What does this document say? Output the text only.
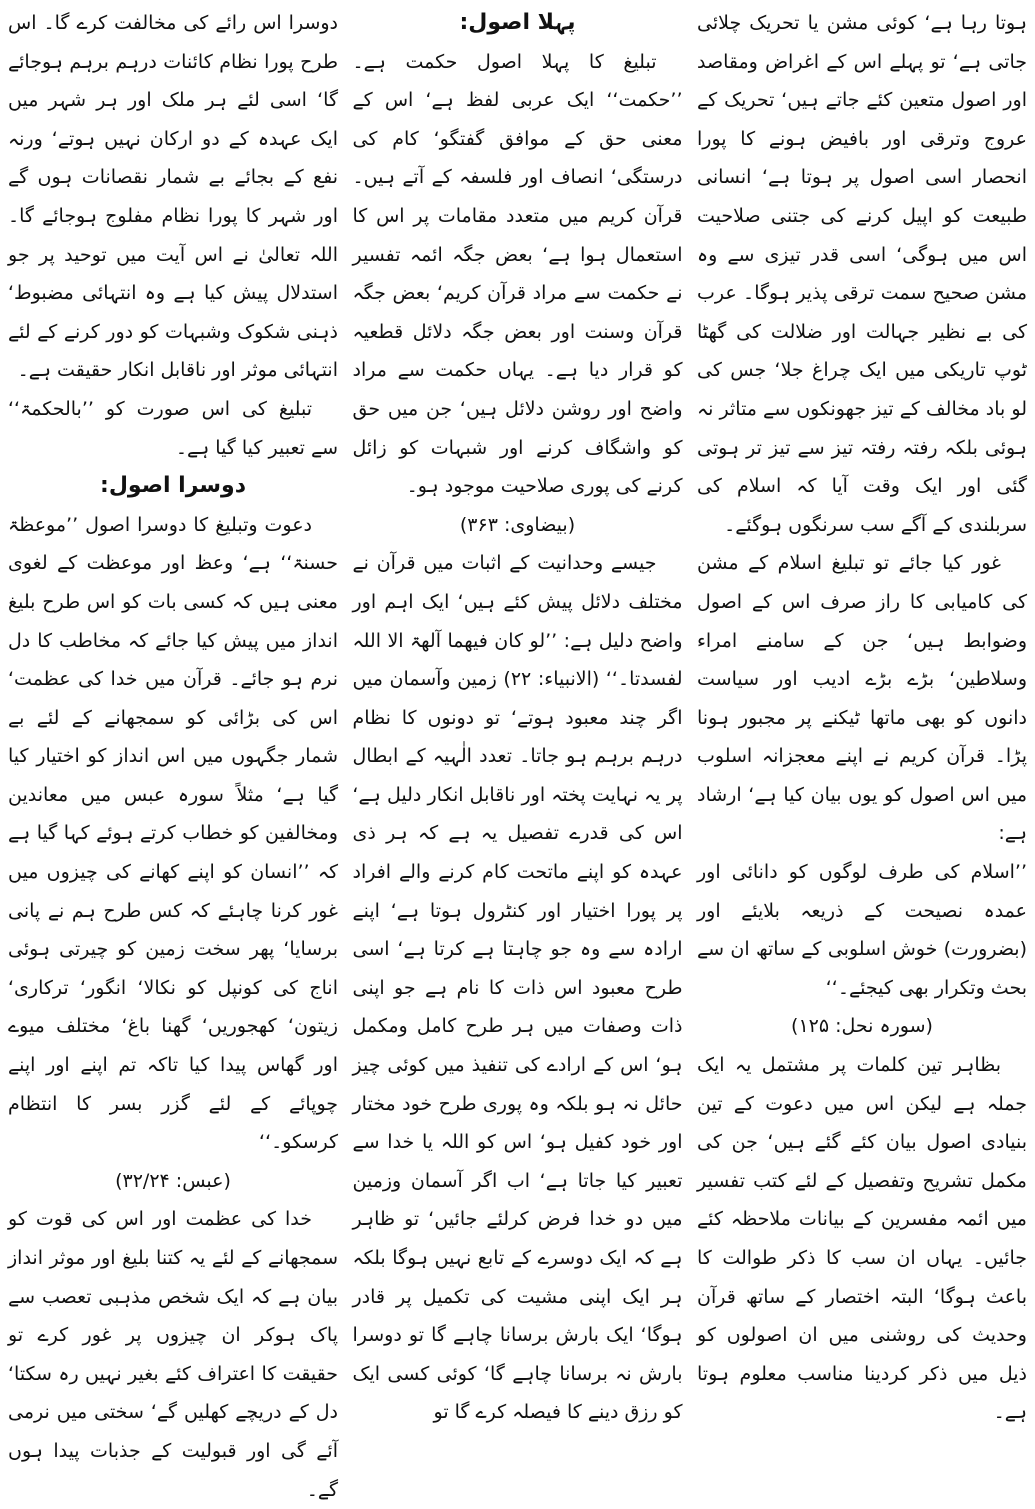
ہوتا رہا ہے‘ کوئی مشن یا تحریک چلائی جاتی ہے‘ تو پہلے اس کے اغراض ومقاصد اور اصول متعین کئے جاتے ہیں‘ تحریک کے عروج وترقی اور بافیض ہونے کا پورا انحصار اسی اصول پر ہوتا ہے‘ انسانی طبیعت کو اپیل کرنے کی جتنی صلاحیت اس میں ہوگی‘ اسی قدر تیزی سے وہ مشن صحیح سمت ترقی پذیر ہوگا۔ عرب کی بے نظیر جہالت اور ضلالت کی گھٹا ٹوپ تاریکی میں ایک چراغ جلا‘ جس کی لو باد مخالف کے تیز جھونکوں سے متاثر نہ ہوئی بلکہ رفتہ رفتہ تیز سے تیز تر ہوتی گئی اور ایک وقت آیا کہ اسلام کی سربلندی کے آگے سب سرنگوں ہوگئے۔

غور کیا جائے تو تبلیغ اسلام کے مشن کی کامیابی کا راز صرف اس کے اصول وضوابط ہیں‘ جن کے سامنے امراء وسلاطین‘ بڑے بڑے ادیب اور سیاست دانوں کو بھی ماتھا ٹیکنے پر مجبور ہونا پڑا۔ قرآن کریم نے اپنے معجزانہ اسلوب میں اس اصول کو یوں بیان کیا ہے‘ ارشاد ہے:

’’اسلام کی طرف لوگوں کو دانائی اور عمدہ نصیحت کے ذریعہ بلایئے اور (بضرورت) خوش اسلوبی کے ساتھ ان سے بحث وتکرار بھی کیجئے۔‘‘

(سورہ نحل: ۱۲۵)

بظاہر تین کلمات پر مشتمل یہ ایک جملہ ہے لیکن اس میں دعوت کے تین بنیادی اصول بیان کئے گئے ہیں‘ جن کی مکمل تشریح وتفصیل کے لئے کتب تفسیر میں ائمہ مفسرین کے بیانات ملاحظہ کئے جائیں۔ یہاں ان سب کا ذکر طوالت کا باعث ہوگا‘ البتہ اختصار کے ساتھ قرآن وحدیث کی روشنی میں ان اصولوں کو ذیل میں ذکر کردینا مناسب معلوم ہوتا ہے۔

پہلا اصول:

تبلیغ کا پہلا اصول حکمت ہے۔ ’’حکمت‘‘ ایک عربی لفظ ہے‘ اس کے معنی حق کے موافق گفتگو‘ کام کی درستگی‘ انصاف اور فلسفہ کے آتے ہیں۔ قرآن کریم میں متعدد مقامات پر اس کا استعمال ہوا ہے‘ بعض جگہ ائمہ تفسیر نے حکمت سے مراد قرآن کریم‘ بعض جگہ قرآن وسنت اور بعض جگہ دلائل قطعیہ کو قرار دیا ہے۔ یہاں حکمت سے مراد واضح اور روشن دلائل ہیں‘ جن میں حق کو واشگاف کرنے اور شبہات کو زائل کرنے کی پوری صلاحیت موجود ہو۔

(بیضاوی: ۳۶۳)

جیسے وحدانیت کے اثبات میں قرآن نے مختلف دلائل پیش کئے ہیں‘ ایک اہم اور واضح دلیل ہے: ’’لو کان فیھما آلھۃ الا اللہ لفسدتا۔‘‘ (الانبیاء: ۲۲) زمین وآسمان میں اگر چند معبود ہوتے‘ تو دونوں کا نظام درہم برہم ہو جاتا۔ تعدد الٰہیہ کے ابطال پر یہ نہایت پختہ اور ناقابل انکار دلیل ہے‘ اس کی قدرے تفصیل یہ ہے کہ ہر ذی عہدہ کو اپنے ماتحت کام کرنے والے افراد پر پورا اختیار اور کنٹرول ہوتا ہے‘ اپنے ارادہ سے وہ جو چاہتا ہے کرتا ہے‘ اسی طرح معبود اس ذات کا نام ہے جو اپنی ذات وصفات میں ہر طرح کامل ومکمل ہو‘ اس کے ارادے کی تنفیذ میں کوئی چیز حائل نہ ہو بلکہ وہ پوری طرح خود مختار اور خود کفیل ہو‘ اس کو اللہ یا خدا سے تعبیر کیا جاتا ہے‘ اب اگر آسمان وزمین میں دو خدا فرض کرلئے جائیں‘ تو ظاہر ہے کہ ایک دوسرے کے تابع نہیں ہوگا بلکہ ہر ایک اپنی مشیت کی تکمیل پر قادر ہوگا‘ ایک بارش برسانا چاہے گا تو دوسرا بارش نہ برسانا چاہے گا‘ کوئی کسی ایک کو رزق دینے کا فیصلہ کرے گا تو

دوسرا اس رائے کی مخالفت کرے گا۔ اس طرح پورا نظام کائنات درہم برہم ہوجائے گا‘ اسی لئے ہر ملک اور ہر شہر میں ایک عہدہ کے دو ارکان نہیں ہوتے‘ ورنہ نفع کے بجائے بے شمار نقصانات ہوں گے اور شہر کا پورا نظام مفلوج ہوجائے گا۔ اللہ تعالیٰ نے اس آیت میں توحید پر جو استدلال پیش کیا ہے وہ انتہائی مضبوط‘ ذہنی شکوک وشبہات کو دور کرنے کے لئے انتہائی موثر اور ناقابل انکار حقیقت ہے۔

تبلیغ کی اس صورت کو ’’بالحکمۃ‘‘ سے تعبیر کیا گیا ہے۔

دوسرا اصول:

دعوت وتبلیغ کا دوسرا اصول ’’موعظۃ حسنۃ‘‘ ہے‘ وعظ اور موعظت کے لغوی معنی ہیں کہ کسی بات کو اس طرح بلیغ انداز میں پیش کیا جائے کہ مخاطب کا دل نرم ہو جائے۔ قرآن میں خدا کی عظمت‘ اس کی بڑائی کو سمجھانے کے لئے بے شمار جگہوں میں اس انداز کو اختیار کیا گیا ہے‘ مثلاً سورہ عبس میں معاندین ومخالفین کو خطاب کرتے ہوئے کہا گیا ہے کہ ’’انسان کو اپنے کھانے کی چیزوں میں غور کرنا چاہئے کہ کس طرح ہم نے پانی برسایا‘ پھر سخت زمین کو چیرتی ہوئی اناج کی کونپل کو نکالا‘ انگور‘ ترکاری‘ زیتون‘ کھجوریں‘ گھنا باغ‘ مختلف میوے اور گھاس پیدا کیا تاکہ تم اپنے اور اپنے چوپائے کے لئے گزر بسر کا انتظام کرسکو۔‘‘

(عبس: ۳۲/۲۴)

خدا کی عظمت اور اس کی قوت کو سمجھانے کے لئے یہ کتنا بلیغ اور موثر انداز بیان ہے کہ ایک شخص مذہبی تعصب سے پاک ہوکر ان چیزوں پر غور کرے تو حقیقت کا اعتراف کئے بغیر نہیں رہ سکتا‘ دل کے دریچے کھلیں گے‘ سختی میں نرمی آئے گی اور قبولیت کے جذبات پیدا ہوں گے۔
